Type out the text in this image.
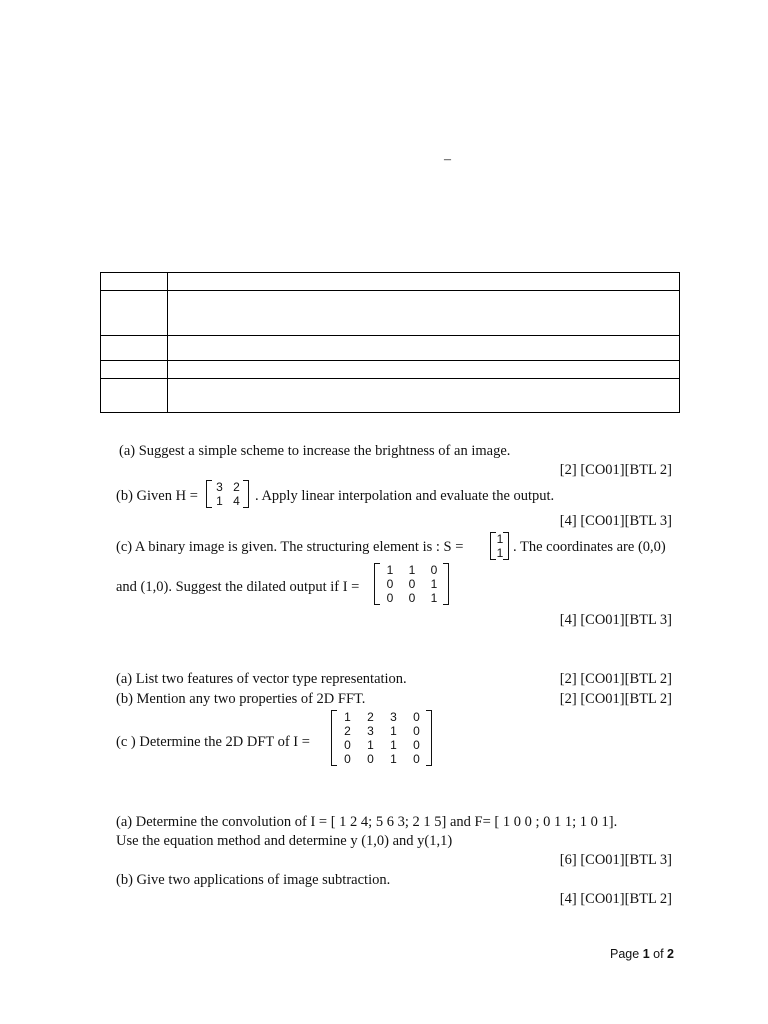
–

(a) Suggest a simple scheme to increase the brightness of an image.
[2] [CO01][BTL 2]
(b) Given H =
3 2
1 4	. Apply linear interpolation and evaluate the output.
[4] [CO01][BTL 3]
(c) A binary image is given. The structuring element is : S =	1
1 . The coordinates are (0,0)
and (1,0). Suggest the dilated output if I =
1	1	0
0	0	1
0	0	1
[4] [CO01][BTL 3]
(a) List two features of vector type representation.	[2] [CO01][BTL 2]
(b) Mention any two properties of 2D FFT.	[2] [CO01][BTL 2]
(c ) Determine the 2D DFT of I =
1	2	3	0
2	3	1	0
0	1	1	0
0	0	1	0
(a) Determine the convolution of I = [ 1 2 4; 5 6 3; 2 1 5] and F= [ 1 0 0 ; 0 1 1; 1 0 1].
Use the equation method and determine y (1,0) and y(1,1)
[6] [CO01][BTL 3]
(b) Give two applications of image subtraction.
[4] [CO01][BTL 2]
Page 1 of 2
